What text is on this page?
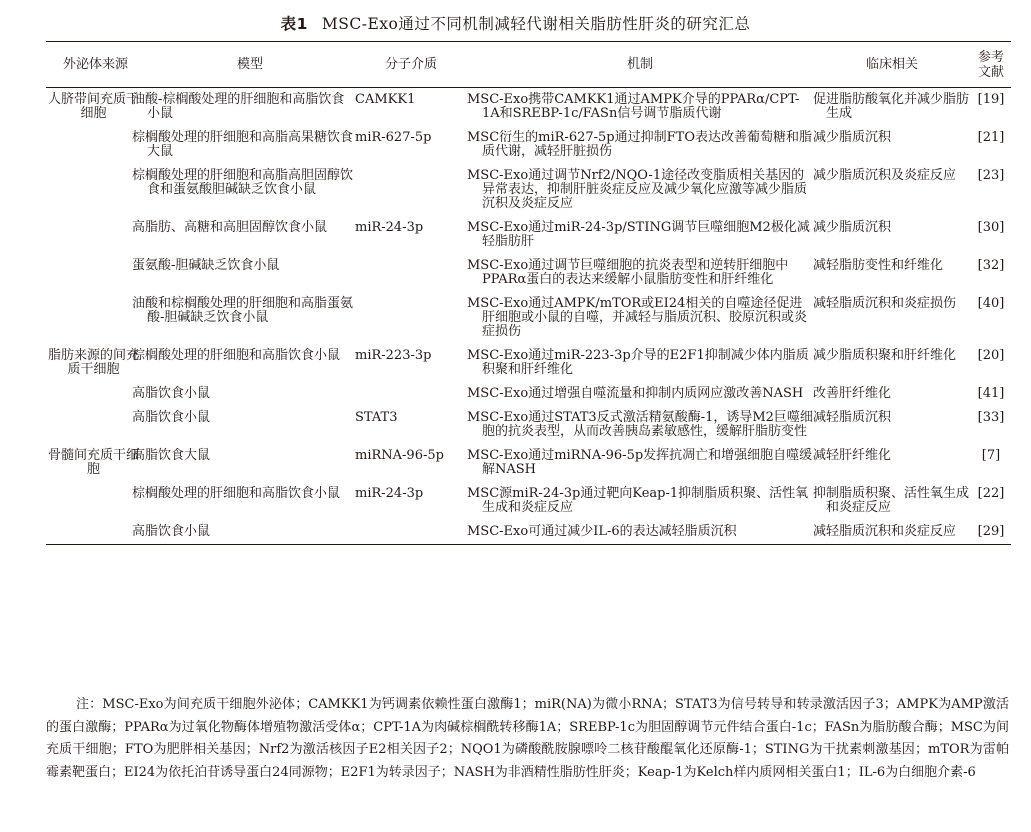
表1 MSC-Exo通过不同机制减轻代谢相关脂肪性肝炎的研究汇总
外泌体来源	模型	分子介质	机制	临床相关	参考文献
人脐带间充质干细胞	油酸-棕榈酸处理的肝细胞和高脂饮食小鼠	CAMKK1	MSC-Exo携带CAMKK1通过AMPK介导的PPARα/CPT-1A和SREBP-1c/FASn信号调节脂质代谢	促进脂肪酸氧化并减少脂肪生成	[19]
	棕榈酸处理的肝细胞和高脂高果糖饮食大鼠	miR-627-5p	MSC衍生的miR-627-5p通过抑制FTO表达改善葡萄糖和脂质代谢，减轻肝脏损伤	减少脂质沉积	[21]
	棕榈酸处理的肝细胞和高脂高胆固醇饮食和蛋氨酸胆碱缺乏饮食小鼠		MSC-Exo通过调节Nrf2/NQO-1途径改变脂质相关基因的异常表达，抑制肝脏炎症反应及减少氧化应激等减少脂质沉积及炎症反应	减少脂质沉积及炎症反应	[23]
	高脂肪、高糖和高胆固醇饮食小鼠	miR-24-3p	MSC-Exo通过miR-24-3p/STING调节巨噬细胞M2极化减轻脂肪肝	减少脂质沉积	[30]
	蛋氨酸-胆碱缺乏饮食小鼠		MSC-Exo通过调节巨噬细胞的抗炎表型和逆转肝细胞中PPARα蛋白的表达来缓解小鼠脂肪变性和肝纤维化	减轻脂肪变性和纤维化	[32]
	油酸和棕榈酸处理的肝细胞和高脂蛋氨酸-胆碱缺乏饮食小鼠		MSC-Exo通过AMPK/mTOR或EI24相关的自噬途径促进肝细胞或小鼠的自噬，并减轻与脂质沉积、胶原沉积或炎症损伤	减轻脂质沉积和炎症损伤	[40]
脂肪来源的间充质干细胞	棕榈酸处理的肝细胞和高脂饮食小鼠	miR-223-3p	MSC-Exo通过miR-223-3p介导的E2F1抑制减少体内脂质积聚和肝纤维化	减少脂质积聚和肝纤维化	[20]
	高脂饮食小鼠		MSC-Exo通过增强自噬流量和抑制内质网应激改善NASH	改善肝纤维化	[41]
	高脂饮食小鼠	STAT3	MSC-Exo通过STAT3反式激活精氨酸酶-1，诱导M2巨噬细胞的抗炎表型，从而改善胰岛素敏感性，缓解肝脂肪变性	减轻脂质沉积	[33]
骨髓间充质干细胞	高脂饮食大鼠	miRNA-96-5p	MSC-Exo通过miRNA-96-5p发挥抗凋亡和增强细胞自噬缓解NASH	减轻肝纤维化	[7]
	棕榈酸处理的肝细胞和高脂饮食小鼠	miR-24-3p	MSC源miR-24-3p通过靶向Keap-1抑制脂质积聚、活性氧生成和炎症反应	抑制脂质积聚、活性氧生成和炎症反应	[22]
	高脂饮食小鼠		MSC-Exo可通过减少IL-6的表达减轻脂质沉积	减轻脂质沉积和炎症反应	[29]
注：MSC-Exo为间充质干细胞外泌体；CAMKK1为钙调素依赖性蛋白激酶1；miR(NA)为微小RNA；STAT3为信号转导和转录激活因子3；AMPK为AMP激活的蛋白激酶；PPARα为过氧化物酶体增殖物激活受体α；CPT-1A为肉碱棕榈酰转移酶1A；SREBP-1c为胆固醇调节元件结合蛋白-1c；FASn为脂肪酸合酶；MSC为间充质干细胞；FTO为肥胖相关基因；Nrf2为激活核因子E2相关因子2；NQO1为磷酸酰胺腺嘌呤二核苷酸醌氧化还原酶-1；STING为干扰素刺激基因；mTOR为雷帕霉素靶蛋白；EI24为依托泊苷诱导蛋白24同源物；E2F1为转录因子；NASH为非酒精性脂肪性肝炎；Keap-1为Kelch样内质网相关蛋白1；IL-6为白细胞介素-6
